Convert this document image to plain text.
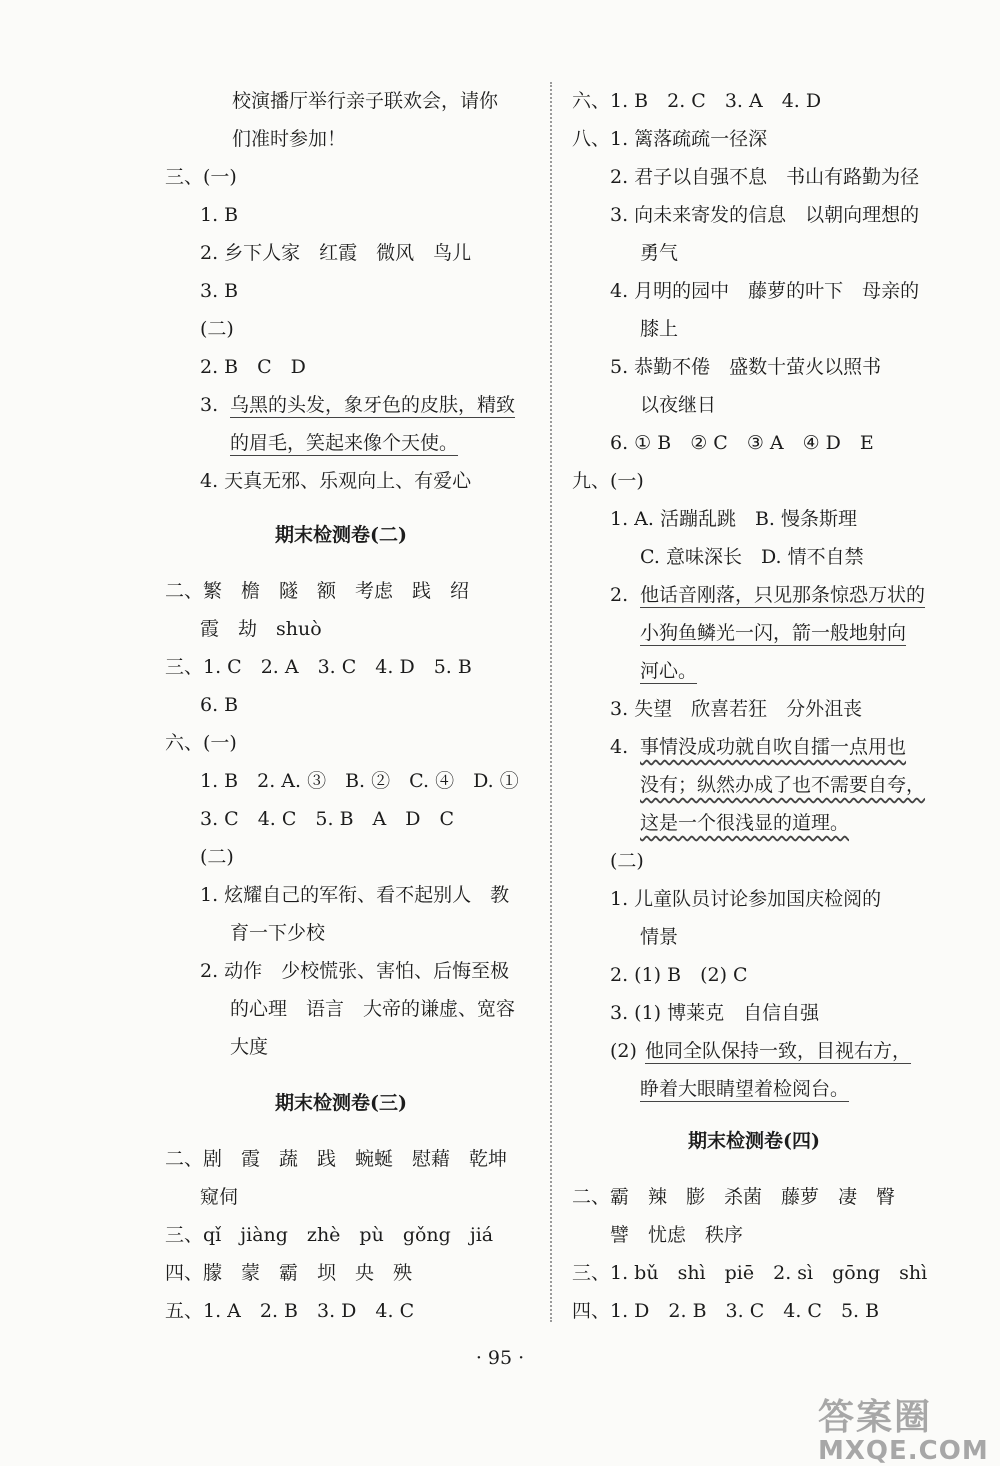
校演播厅举行亲子联欢会，请你
们准时参加！
三、(一)
1. B
2. 乡下人家　红霞　微风　鸟儿
3. B
(二)
2. B　C　D
3. 乌黑的头发，象牙色的皮肤，精致
的眉毛，笑起来像个天使。
4. 天真无邪、乐观向上、有爱心
期末检测卷(二)
二、繁　檐　隧　额　考虑　践　绍
霞　劫　shuò
三、1. C　2. A　3. C　4. D　5. B
6. B
六、(一)
1. B　2. A. ③　B. ②　C. ④　D. ①
3. C　4. C　5. B　A　D　C
(二)
1. 炫耀自己的军衔、看不起别人　教
育一下少校
2. 动作　少校慌张、害怕、后悔至极
的心理　语言　大帝的谦虚、宽容
大度
期末检测卷(三)
二、剧　霞　蔬　践　蜿蜒　慰藉　乾坤
窥伺
三、qǐ　jiàng　zhè　pù　gǒng　jiá
四、朦　蒙　霸　坝　央　殃
五、1. A　2. B　3. D　4. C
六、1. B　2. C　3. A　4. D
八、1. 篱落疏疏一径深
2. 君子以自强不息　书山有路勤为径
3. 向未来寄发的信息　以朝向理想的
勇气
4. 月明的园中　藤萝的叶下　母亲的
膝上
5. 恭勤不倦　盛数十萤火以照书
以夜继日
6. ① B　② C　③ A　④ D　E
九、(一)
1. A. 活蹦乱跳　B. 慢条斯理
C. 意味深长　D. 情不自禁
2. 他话音刚落，只见那条惊恐万状的
小狗鱼鳞光一闪，箭一般地射向
河心。
3. 失望　欣喜若狂　分外沮丧
4. 事情没成功就自吹自擂一点用也
没有；纵然办成了也不需要自夸，
这是一个很浅显的道理。
(二)
1. 儿童队员讨论参加国庆检阅的
情景
2. (1) B　(2) C
3. (1) 博莱克　自信自强
(2) 他同全队保持一致，目视右方，
睁着大眼睛望着检阅台。
期末检测卷(四)
二、霸　辣　膨　杀菌　藤萝　凄　臀
譬　忧虑　秩序
三、1. bǔ　shì　piē　2. sì　gōng　shì
四、1. D　2. B　3. C　4. C　5. B
· 95 ·
答案圈
MXQE.COM
